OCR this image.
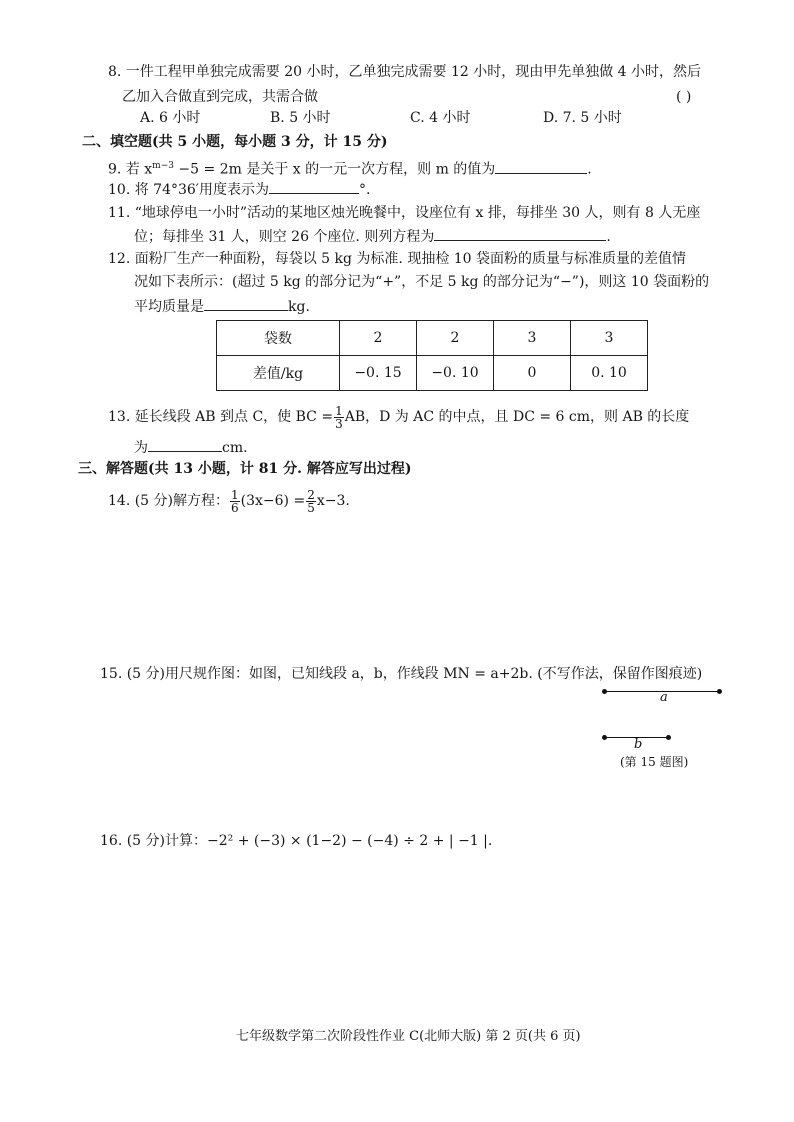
8. 一件工程甲单独完成需要 20 小时，乙单独完成需要 12 小时，现由甲先单独做 4 小时，然后
乙加入合做直到完成，共需合做	( )
A. 6 小时	B. 5 小时	C. 4 小时	D. 7. 5 小时
二、填空题(共 5 小题，每小题 3 分，计 15 分)
9. 若 $x^{m-3} -5 = 2m$ 是关于 x 的一元一次方程，则 m 的值为	.
10. 将 74°36′用度表示为	°.
11. “地球停电一小时”活动的某地区烛光晚餐中，设座位有 x 排，每排坐 30 人，则有 8 人无座
位；每排坐 31 人，则空 26 个座位. 则列方程为	.
12. 面粉厂生产一种面粉，每袋以 5 kg 为标准. 现抽检 10 袋面粉的质量与标准质量的差值情
况如下表所示：(超过 5 kg 的部分记为“+”，不足 5 kg 的部分记为“−”)，则这 10 袋面粉的
平均质量是	kg.
袋数	2	2	3	3
差值/kg	−0. 15	−0. 10	0	0. 10
13. 延长线段 AB 到点 C，使 BC = $\frac{1}{3}$ AB，D 为 AC 的中点，且 DC = 6 cm，则 AB 的长度
为	cm.
三、解答题(共 13 小题，计 81 分. 解答应写出过程)
14. (5 分)解方程： $\frac{1}{6} (3x-6) = \frac{2}{5} x-3$.
15. (5 分)用尺规作图：如图，已知线段 a，b，作线段 MN = a+2b. (不写作法，保留作图痕迹)
a
b
(第 15 题图)
16. (5 分)计算：−2² + (−3) × (1−2) − (−4) ÷ 2 + | −1 |.
七年级数学第二次阶段性作业 C(北师大版) 第 2 页(共 6 页)
